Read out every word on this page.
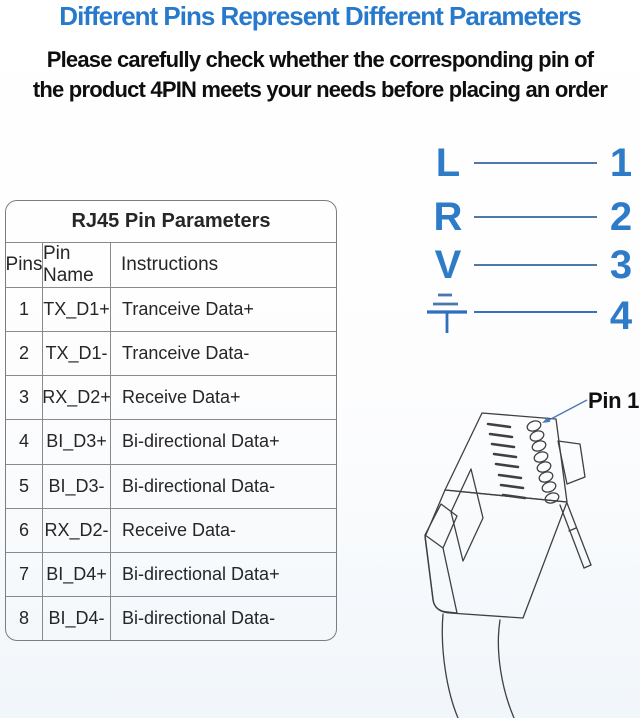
Different Pins Represent Different Parameters
Please carefully check whether the corresponding pin of
the product 4PIN meets your needs before placing an order
RJ45 Pin Parameters
Pins
Pin Name
Instructions
1 TX_D1+ Tranceive Data+
2 TX_D1- Tranceive Data-
3 RX_D2+ Receive Data+
4 BI_D3+ Bi-directional Data+
5	BI_D3- Bi-directional Data-
6 RX_D2- Receive Data-
7 BI_D4+ Bi-directional Data+
8	BI_D4- Bi-directional Data-
L
R
V
1
2
3
4
Pin 1
